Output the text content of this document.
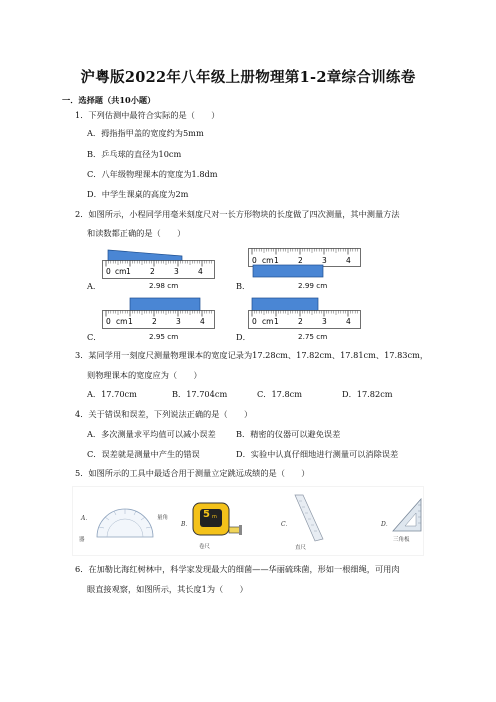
沪粤版2022年八年级上册物理第1-2章综合训练卷
一．选择题（共10小题）
1．下列估测中最符合实际的是（　　）
A．拇指指甲盖的宽度约为5mm
B．乒乓球的直径为10cm
C．八年级物理课本的宽度为1.8dm
D．中学生课桌的高度为2m
2．如图所示，小程同学用毫米刻度尺对一长方形物块的长度做了四次测量，其中测量方法
和读数都正确的是（　　）
cm
0 1	2	3	4
A．	2.98 cm
cm
0 1	2	3	4
B．	2.99 cm
cm
0 1	2	3	4
C．	2.95 cm
cm
0 1	2	3	4
D．	2.75 cm
3．某同学用一刻度尺测量物理课本的宽度记录为17.28cm、17.82cm、17.81cm、17.83cm，
则物理课本的宽度应为（　　）
A．17.70cm	B．17.704cm	C．17.8cm	D．17.82cm
4．关于错误和误差，下列说法正确的是（　　）
A．多次测量求平均值可以减小误差 B．精密的仪器可以避免误差
C．误差就是测量中产生的错误	D．实验中认真仔细地进行测量可以消除误差
5．如图所示的工具中最适合用于测量立定跳远成绩的是（　　）
A．	量角
器
B．
5 m
卷尺
C．
直尺
D．
三角板
6．在加勒比海红树林中，科学家发现最大的细菌——华丽硫珠菌，形如一根细绳，可用肉
眼直接观察，如图所示，其长度1为（　　）
